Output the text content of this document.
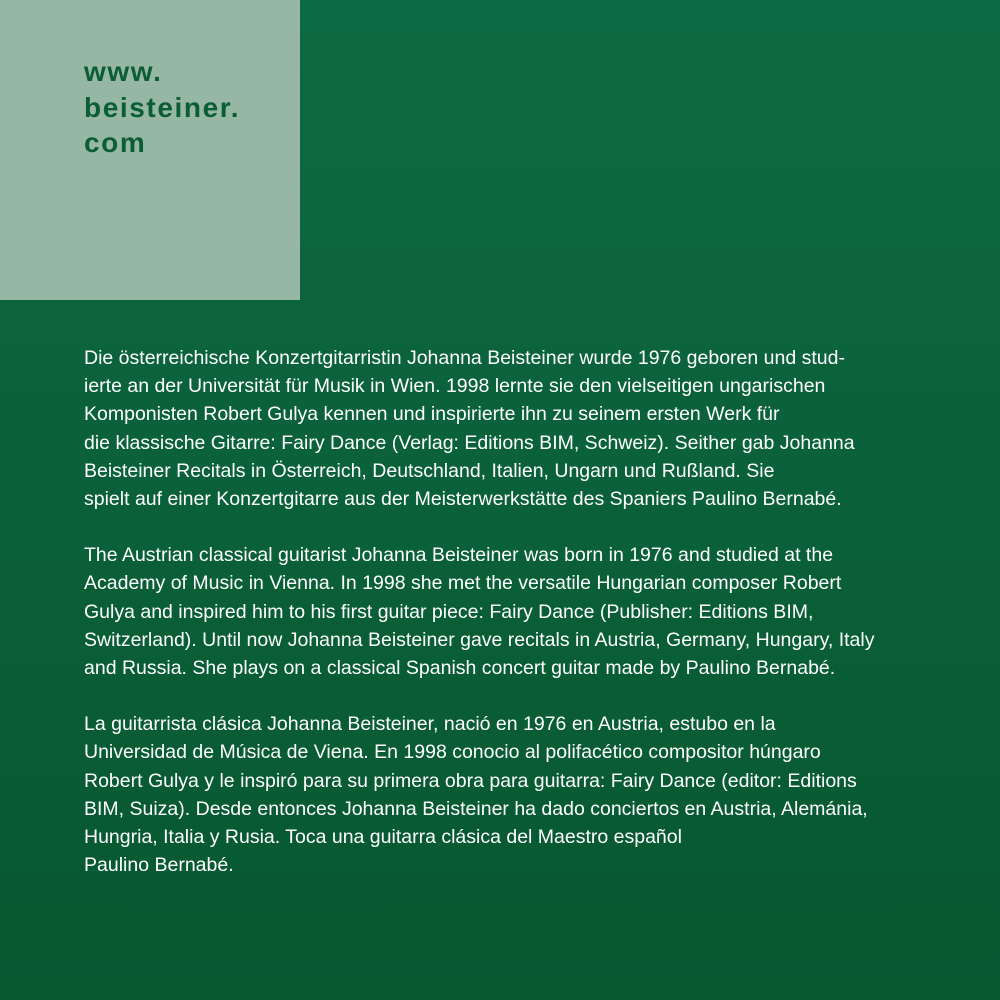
www.

beisteiner.

com

Die österreichische Konzertgitarristin Johanna Beisteiner wurde 1976 geboren und stud-
ierte an der Universität für Musik in Wien. 1998 lernte sie den vielseitigen ungarischen
Komponisten Robert Gulya kennen und inspirierte ihn zu seinem ersten Werk für
die klassische Gitarre: Fairy Dance (Verlag: Editions BIM, Schweiz). Seither gab Johanna
Beisteiner Recitals in Österreich, Deutschland, Italien, Ungarn und Rußland. Sie
spielt auf einer Konzertgitarre aus der Meisterwerkstätte des Spaniers Paulino Bernabé.

The Austrian classical guitarist Johanna Beisteiner was born in 1976 and studied at the
Academy of Music in Vienna. In 1998 she met the versatile Hungarian composer Robert
Gulya and inspired him to his first guitar piece: Fairy Dance (Publisher: Editions BIM,
Switzerland). Until now Johanna Beisteiner gave recitals in Austria, Germany, Hungary, Italy
and Russia. She plays on a classical Spanish concert guitar made by Paulino Bernabé.

La guitarrista clásica Johanna Beisteiner, nació en 1976 en Austria, estubo en la
Universidad de Música de Viena. En 1998 conocio al polifacético compositor húngaro
Robert Gulya y le inspiró para su primera obra para guitarra: Fairy Dance (editor: Editions
BIM, Suiza). Desde entonces Johanna Beisteiner ha dado conciertos en Austria, Alemánia,
Hungria, Italia y Rusia. Toca una guitarra clásica del Maestro español
Paulino Bernabé.
